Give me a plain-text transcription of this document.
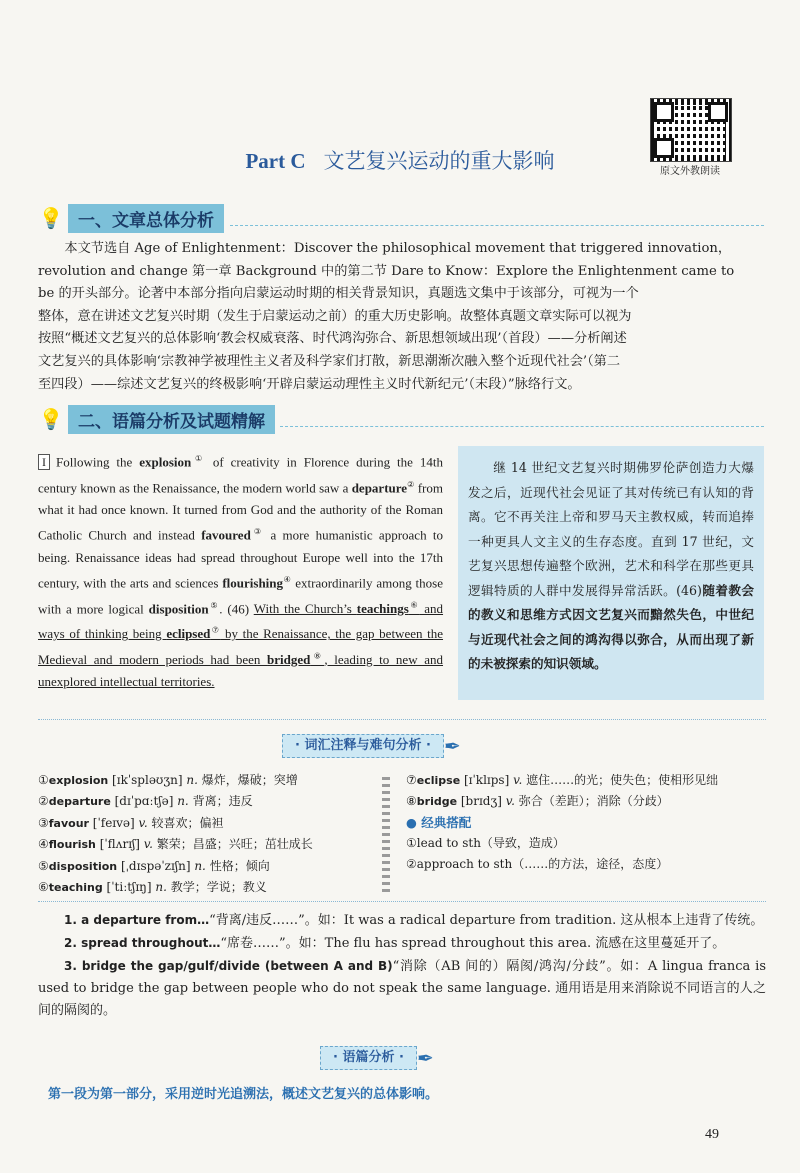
原文外教朗读
Part C 文艺复兴运动的重大影响
💡 一、文章总体分析
本文节选自 Age of Enlightenment：Discover the philosophical movement that triggered innovation，
revolution and change 第一章 Background 中的第二节 Dare to Know：Explore the Enlightenment came to
be 的开头部分。论著中本部分指向启蒙运动时期的相关背景知识，真题选文集中于该部分，可视为一个
整体，意在讲述文艺复兴时期（发生于启蒙运动之前）的重大历史影响。故整体真题文章实际可以视为
按照“概述文艺复兴的总体影响‘教会权威衰落、时代鸿沟弥合、新思想领域出现’（首段）——分析阐述
文艺复兴的具体影响‘宗教神学被理性主义者及科学家们打散，新思潮渐次融入整个近现代社会’（第二
至四段）——综述文艺复兴的终极影响‘开辟启蒙运动理性主义时代新纪元’（末段）”脉络行文。
💡 二、语篇分析及试题精解
I Following the explosion① of creativity in Florence during the 14th century known as the Renaissance, the modern world saw a departure② from what it had once known. It turned from God and the authority of the Roman Catholic Church and instead favoured③ a more humanistic approach to being. Renaissance ideas had spread throughout Europe well into the 17th century, with the arts and sciences flourishing④ extraordinarily among those with a more logical disposition⑤. (46) With the Church’s teachings⑥ and ways of thinking being eclipsed⑦ by the Renaissance, the gap between the Medieval and modern periods had been bridged⑧, leading to new and unexplored intellectual territories.
继 14 世纪文艺复兴时期佛罗伦萨创造力大爆发之后，近现代社会见证了其对传统已有认知的背离。它不再关注上帝和罗马天主教权威，转而追捧一种更具人文主义的生存态度。直到 17 世纪，文艺复兴思想传遍整个欧洲，艺术和科学在那些更具逻辑特质的人群中发展得异常活跃。(46)随着教会的教义和思维方式因文艺复兴而黯然失色，中世纪与近现代社会之间的鸿沟得以弥合，从而出现了新的未被探索的知识领域。
· 词汇注释与难句分析 · ✒
①explosion [ɪkˈspləʊʒn] n. 爆炸，爆破；突增
②departure [dɪˈpɑːtʃə] n. 背离；违反
③favour [ˈfeɪvə] v. 较喜欢；偏袒
④flourish [ˈflʌrɪʃ] v. 繁荣；昌盛；兴旺；茁壮成长
⑤disposition [ˌdɪspəˈzɪʃn] n. 性格；倾向
⑥teaching [ˈtiːtʃɪŋ] n. 教学；学说；教义
⑦eclipse [ɪˈklɪps] v. 遮住……的光；使失色；使相形见绌
⑧bridge [brɪdʒ] v. 弥合（差距）；消除（分歧）
● 经典搭配
①lead to sth（导致，造成）
②approach to sth（……的方法，途径，态度）
1. a departure from…“背离/违反……”。如：It was a radical departure from tradition. 这从根本上违背了传统。
2. spread throughout…“席卷……”。如：The flu has spread throughout this area. 流感在这里蔓延开了。
3. bridge the gap/gulf/divide (between A and B)“消除（AB 间的）隔阂/鸿沟/分歧”。如：A lingua franca is used to bridge the gap between people who do not speak the same language. 通用语是用来消除说不同语言的人之间的隔阂的。
· 语篇分析 · ✒
第一段为第一部分，采用逆时光追溯法，概述文艺复兴的总体影响。
49
